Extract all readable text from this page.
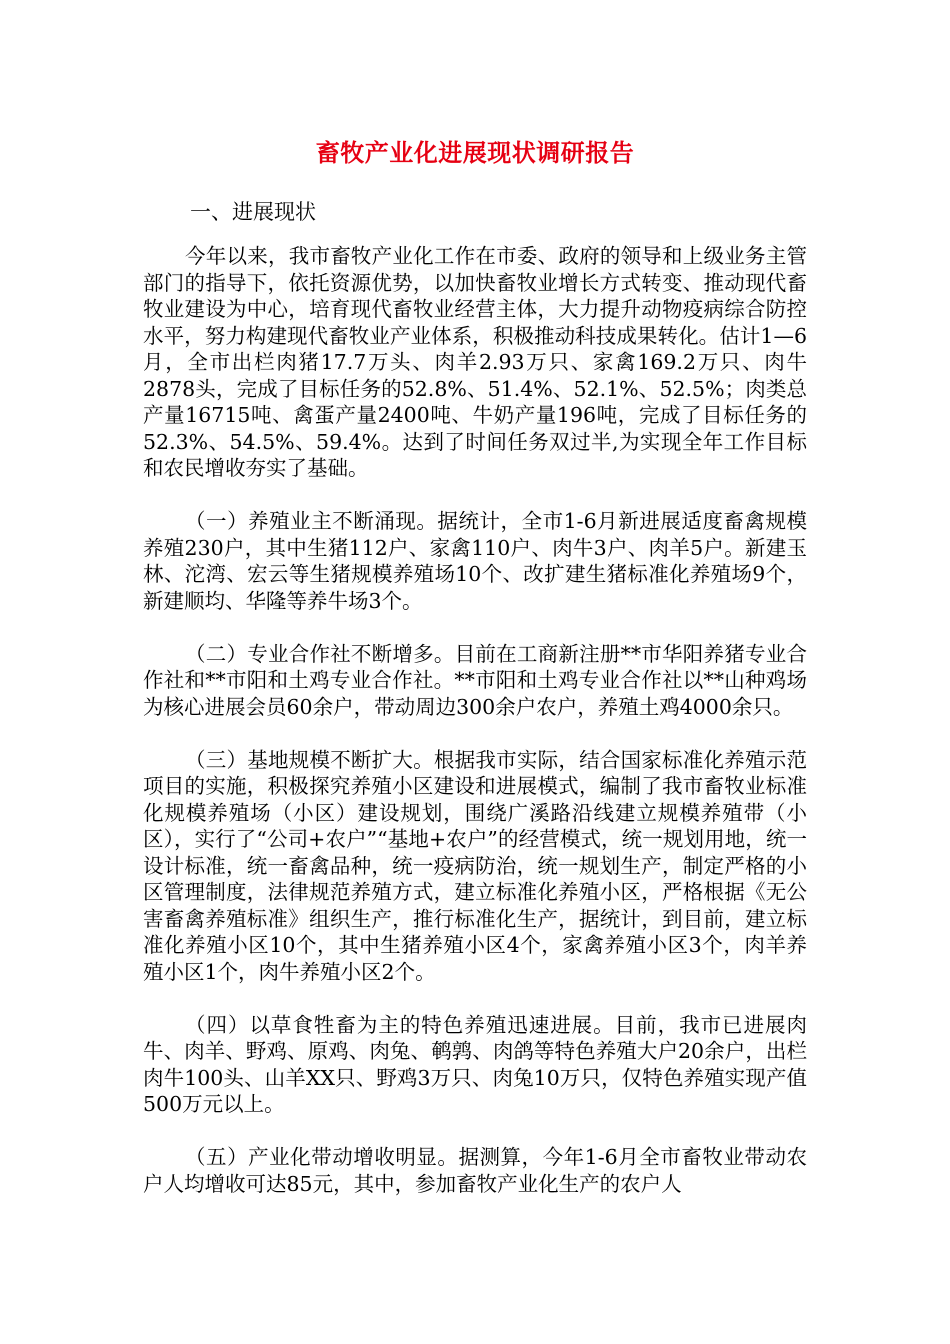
畜牧产业化进展现状调研报告
一、进展现状

今年以来，我市畜牧产业化工作在市委、政府的领导和上级业务主管部门的指导下，依托资源优势，以加快畜牧业增长方式转变、推动现代畜牧业建设为中心，培育现代畜牧业经营主体，大力提升动物疫病综合防控水平，努力构建现代畜牧业产业体系，积极推动科技成果转化。估计1—6月，全市出栏肉猪17.7万头、肉羊2.93万只、家禽169.2万只、肉牛2878头，完成了目标任务的52.8%、51.4%、52.1%、52.5%；肉类总产量16715吨、禽蛋产量2400吨、牛奶产量196吨，完成了目标任务的52.3%、54.5%、59.4%。达到了时间任务双过半,为实现全年工作目标和农民增收夯实了基础。

（一）养殖业主不断涌现。据统计，全市1-6月新进展适度畜禽规模养殖230户，其中生猪112户、家禽110户、肉牛3户、肉羊5户。新建玉林、沱湾、宏云等生猪规模养殖场10个、改扩建生猪标准化养殖场9个，新建顺均、华隆等养牛场3个。

（二）专业合作社不断增多。目前在工商新注册**市华阳养猪专业合作社和**市阳和土鸡专业合作社。**市阳和土鸡专业合作社以**山种鸡场为核心进展会员60余户，带动周边300余户农户，养殖土鸡4000余只。

（三）基地规模不断扩大。根据我市实际，结合国家标准化养殖示范项目的实施，积极探究养殖小区建设和进展模式，编制了我市畜牧业标准化规模养殖场（小区）建设规划，围绕广溪路沿线建立规模养殖带（小区），实行了“公司+农户”“基地+农户”的经营模式，统一规划用地，统一设计标准，统一畜禽品种，统一疫病防治，统一规划生产，制定严格的小区管理制度，法律规范养殖方式，建立标准化养殖小区，严格根据《无公害畜禽养殖标准》组织生产，推行标准化生产，据统计，到目前，建立标准化养殖小区10个，其中生猪养殖小区4个，家禽养殖小区3个，肉羊养殖小区1个，肉牛养殖小区2个。

（四）以草食牲畜为主的特色养殖迅速进展。目前，我市已进展肉牛、肉羊、野鸡、原鸡、肉兔、鹌鹑、肉鸽等特色养殖大户20余户，出栏肉牛100头、山羊XX只、野鸡3万只、肉兔10万只，仅特色养殖实现产值500万元以上。

（五）产业化带动增收明显。据测算，今年1-6月全市畜牧业带动农户人均增收可达85元，其中，参加畜牧产业化生产的农户人
